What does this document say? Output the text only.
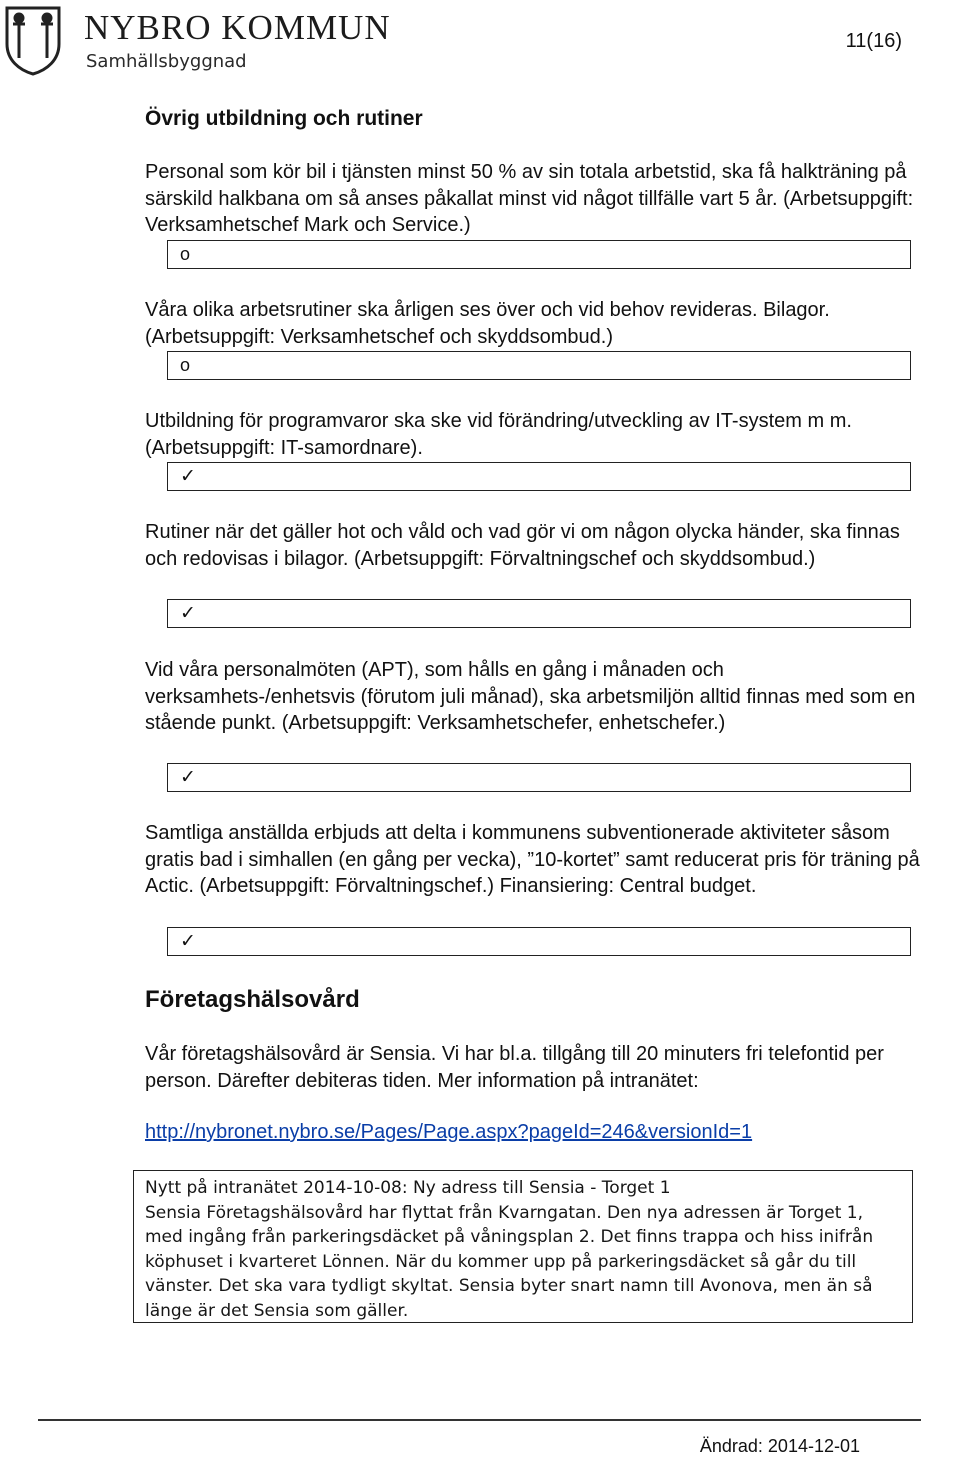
NYBRO KOMMUN
Samhällsbyggnad
11(16)
Övrig utbildning och rutiner
Personal som kör bil i tjänsten minst 50 % av sin totala arbetstid, ska få halkträning på särskild halkbana om så anses påkallat minst vid något tillfälle vart 5 år. (Arbetsuppgift: Verksamhetschef Mark och Service.)
o
Våra olika arbetsrutiner ska årligen ses över och vid behov revideras. Bilagor. (Arbetsuppgift: Verksamhetschef och skyddsombud.)
o
Utbildning för programvaror ska ske vid förändring/utveckling av IT-system m m. (Arbetsuppgift: IT-samordnare).
✓
Rutiner när det gäller hot och våld och vad gör vi om någon olycka händer, ska finnas och redovisas i bilagor. (Arbetsuppgift: Förvaltningschef och skyddsombud.)
✓
Vid våra personalmöten (APT), som hålls en gång i månaden och verksamhets-/enhetsvis (förutom juli månad), ska arbetsmiljön alltid finnas med som en stående punkt. (Arbetsuppgift: Verksamhetschefer, enhetschefer.)
✓
Samtliga anställda erbjuds att delta i kommunens subventionerade aktiviteter såsom gratis bad i simhallen (en gång per vecka), ”10-kortet” samt reducerat pris för träning på Actic. (Arbetsuppgift: Förvaltningschef.) Finansiering: Central budget.
✓
Företagshälsovård
Vår företagshälsovård är Sensia. Vi har bl.a. tillgång till 20 minuters fri telefontid per person. Därefter debiteras tiden. Mer information på intranätet:
http://nybronet.nybro.se/Pages/Page.aspx?pageId=246&versionId=1

Nytt på intranätet 2014-10-08: Ny adress till Sensia - Torget 1

Sensia Företagshälsovård har flyttat från Kvarngatan. Den nya adressen är Torget 1, med ingång från parkeringsdäcket på våningsplan 2. Det finns trappa och hiss inifrån köphuset i kvarteret Lönnen. När du kommer upp på parkeringsdäcket så går du till vänster. Det ska vara tydligt skyltat. Sensia byter snart namn till Avonova, men än så länge är det Sensia som gäller.

Ändrad: 2014-12-01
